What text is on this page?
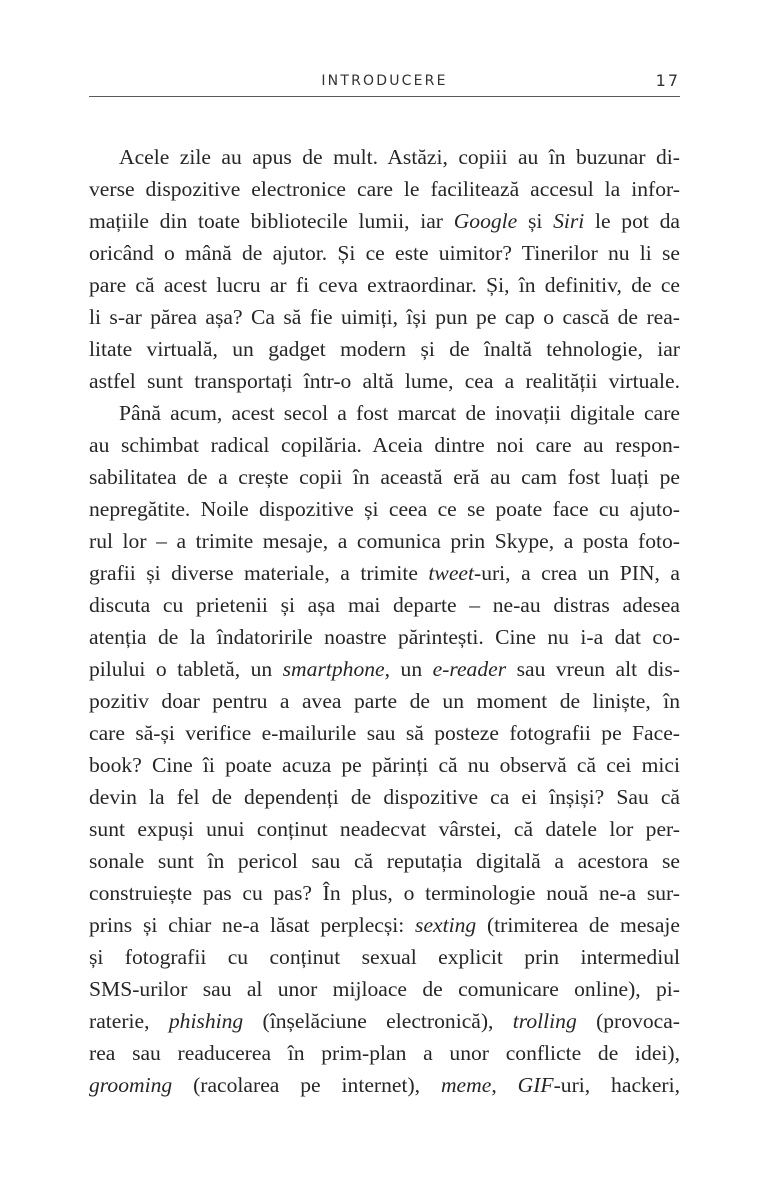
INTRODUCERE	17
Acele zile au apus de mult. Astăzi, copiii au în buzunar di-
verse dispozitive electronice care le facilitează accesul la infor-
mațiile din toate bibliotecile lumii, iar Google și Siri le pot da
oricând o mână de ajutor. Și ce este uimitor? Tinerilor nu li se
pare că acest lucru ar fi ceva extraordinar. Și, în definitiv, de ce
li s-ar părea așa? Ca să fie uimiți, își pun pe cap o cască de rea-
litate virtuală, un gadget modern și de înaltă tehnologie, iar
astfel sunt transportați într-o altă lume, cea a realității virtuale.
Până acum, acest secol a fost marcat de inovații digitale care
au schimbat radical copilăria. Aceia dintre noi care au respon-
sabilitatea de a crește copii în această eră au cam fost luați pe
nepregătite. Noile dispozitive și ceea ce se poate face cu ajuto-
rul lor – a trimite mesaje, a comunica prin Skype, a posta foto-
grafii și diverse materiale, a trimite tweet-uri, a crea un PIN, a
discuta cu prietenii și așa mai departe – ne-au distras adesea
atenția de la îndatoririle noastre părintești. Cine nu i-a dat co-
pilului o tabletă, un smartphone, un e-reader sau vreun alt dis-
pozitiv doar pentru a avea parte de un moment de liniște, în
care să-și verifice e-mailurile sau să posteze fotografii pe Face-
book? Cine îi poate acuza pe părinți că nu observă că cei mici
devin la fel de dependenți de dispozitive ca ei înșiși? Sau că
sunt expuși unui conținut neadecvat vârstei, că datele lor per-
sonale sunt în pericol sau că reputația digitală a acestora se
construiește pas cu pas? În plus, o terminologie nouă ne-a sur-
prins și chiar ne-a lăsat perplecși: sexting (trimiterea de mesaje
și fotografii cu conținut sexual explicit prin intermediul
SMS-urilor sau al unor mijloace de comunicare online), pi-
raterie, phishing (înșelăciune electronică), trolling (provoca-
rea sau readucerea în prim-plan a unor conflicte de idei),
grooming (racolarea pe internet), meme, GIF-uri, hackeri,
